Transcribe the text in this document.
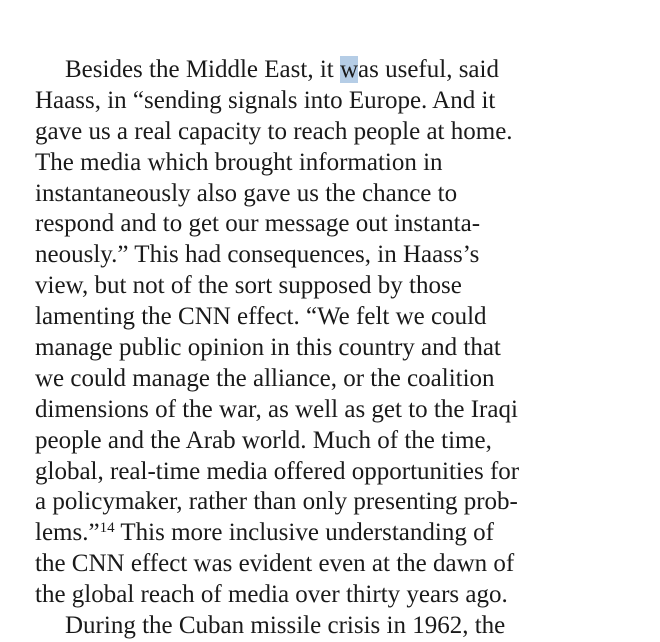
Besides the Middle East, it was useful, said
Haass, in “sending signals into Europe. And it
gave us a real capacity to reach people at home.
The media which brought information in
instantaneously also gave us the chance to
respond and to get our message out instanta-
neously.” This had consequences, in Haass’s
view, but not of the sort supposed by those
lamenting the CNN effect. “We felt we could
manage public opinion in this country and that
we could manage the alliance, or the coalition
dimensions of the war, as well as get to the Iraqi
people and the Arab world. Much of the time,
global, real-time media offered opportunities for
a policymaker, rather than only presenting prob-
lems.”$^{14}$ This more inclusive understanding of
the CNN effect was evident even at the dawn of
the global reach of media over thirty years ago.
During the Cuban missile crisis in 1962, the
